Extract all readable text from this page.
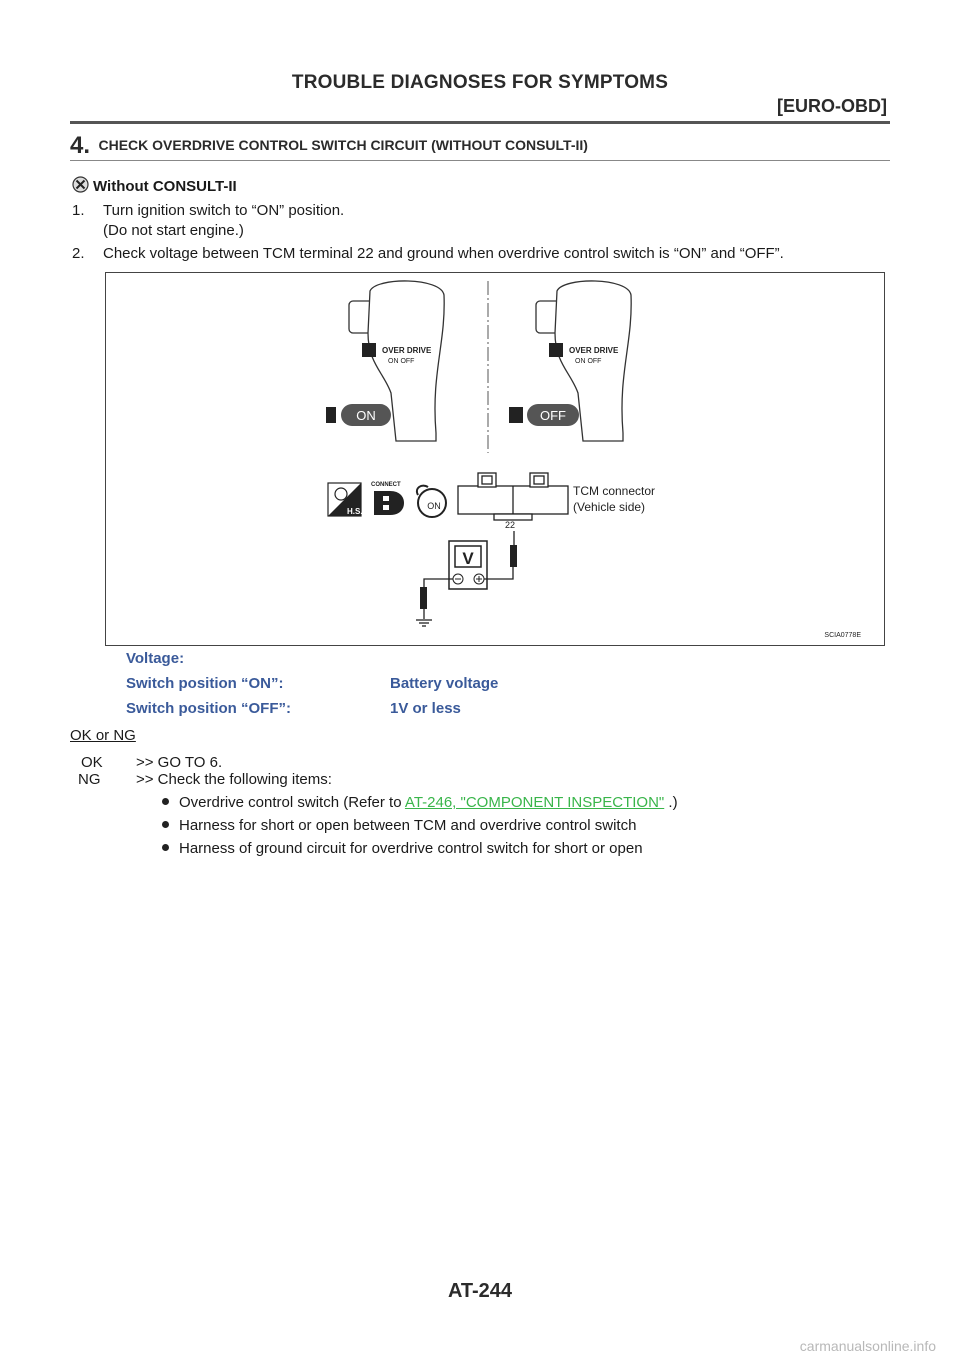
TROUBLE DIAGNOSES FOR SYMPTOMS
[EURO-OBD]
4. CHECK OVERDRIVE CONTROL SWITCH CIRCUIT (WITHOUT CONSULT-II)
Without CONSULT-II
1. Turn ignition switch to “ON” position.
(Do not start engine.)
2. Check voltage between TCM terminal 22 and ground when overdrive control switch is “ON” and “OFF”.
OVER DRIVE
ON OFF
ON
OVER DRIVE
ON OFF
OFF
H.S.
CONNECT
ON
TCM connector
(Vehicle side)
22
V
SCIA0778E
Voltage:
Switch position “ON”:	Battery voltage
Switch position “OFF”:	1V or less
OK or NG
OK >> GO TO 6.
NG >> Check the following items:
Overdrive control switch (Refer to AT-246, "COMPONENT INSPECTION" .)
Harness for short or open between TCM and overdrive control switch
Harness of ground circuit for overdrive control switch for short or open
AT-244
carmanualsonline.info
